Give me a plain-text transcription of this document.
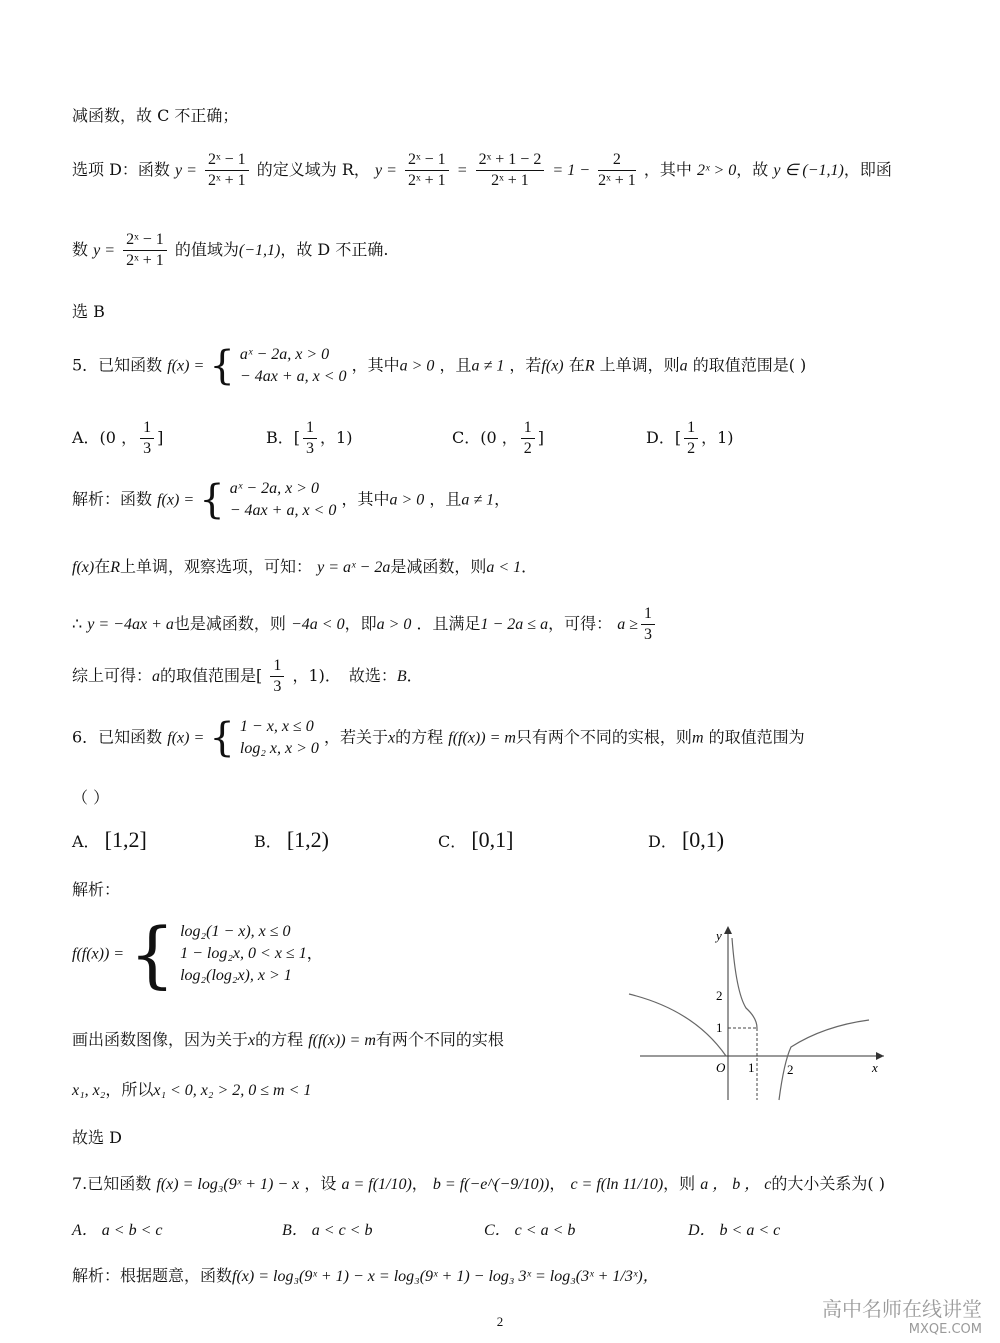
减函数，故 C 不正确；
选项 D：函数 $y = \frac{\text{2ˣ − 1}}{\text{2ˣ + 1}}$ 的定义域为 R， $y = \frac{\text{2ˣ − 1}}{\text{2ˣ + 1}} = \frac{\text{2ˣ + 1 − 2}}{\text{2ˣ + 1}} = 1 - \frac{2}{\text{2ˣ + 1}}$ ，其中 2ˣ > 0，故 y ∈ (−1,1)，即函
数 $y = \frac{\text{2ˣ − 1}}{\text{2ˣ + 1}}$ 的值域为(−1,1)，故 D 不正确.
选 B
5．已知函数 f(x) = { aˣ − 2a, x > 0
− 4ax + a, x < 0
，其中a > 0 ，且a ≠ 1 ，若f(x) 在R 上单调，则a 的取值范围是( )
A．(0 ， $\frac{1}{3}$ ]	B．[ $\frac{1}{3}$ ，1)	C．(0 ， $\frac{1}{2}$ ]	D．[ $\frac{1}{2}$ ，1)
解析：函数 f(x) = { aˣ − 2a, x > 0
− 4ax + a, x < 0
，其中a > 0 ，且a ≠ 1，
f(x)在R上单调，观察选项，可知： y = aˣ − 2a是减函数，则a < 1．
∴ y = −4ax + a也是减函数，则 −4a < 0，即a > 0 ．且满足1 − 2a ≤ a，可得： $a \ge \frac{1}{3}$
综上可得：a的取值范围是[ $\frac{1}{3}$ ，1)．　故选：B．
6．已知函数 f(x) = { 1 − x, x ≤ 0
log₂ x, x > 0
，若关于x的方程 f(f(x)) = m只有两个不同的实根，则m 的取值范围为
（ ）
A． [1,2]	B． [1,2)	C． [0,1]	D． [0,1)
解析：
f(f(x)) = { log₂(1 − x), x ≤ 0
1 − log₂x, 0 < x ≤ 1
log₂(log₂x), x > 1
，
画出函数图像，因为关于x的方程 f(f(x)) = m有两个不同的实根
x₁, x₂，所以x₁ < 0, x₂ > 2, 0 ≤ m < 1
故选 D
y
x
O 1	2
1
2
7.已知函数 f(x) = log₃(9ˣ + 1) − x ，设 a = f(1/10)， b = f(−e^(−9/10))， c = f(ln 11/10)，则 a ， b ， c的大小关系为( )
A． a < b < c	B． a < c < b	C． c < a < b	D． b < a < c
解析：根据题意，函数f(x) = log₃(9ˣ + 1) − x = log₃(9ˣ + 1) − log₃ 3ˣ = log₃(3ˣ + 1/3ˣ)，
高中名师在线讲堂
MXQE.COM
2
